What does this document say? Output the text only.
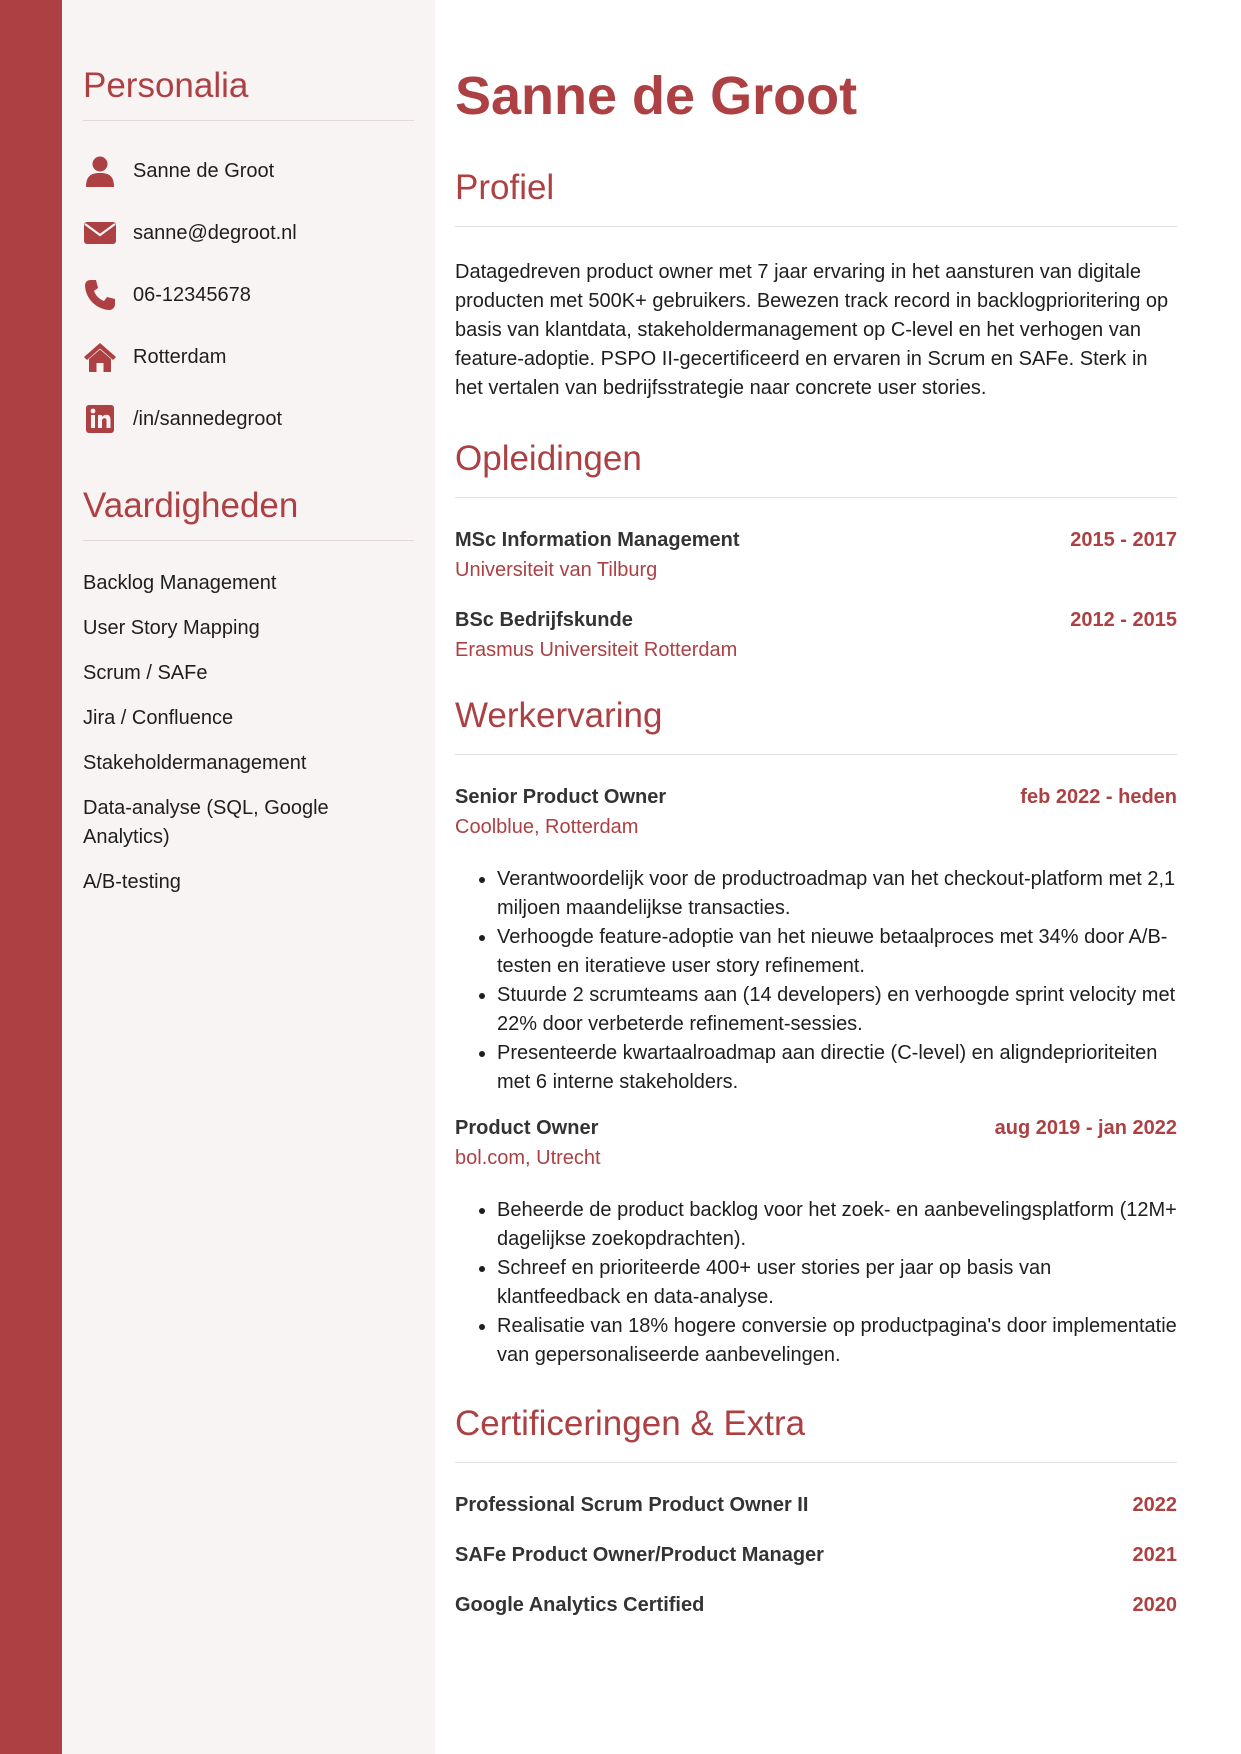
Personalia
Sanne de Groot
sanne@degroot.nl
06-12345678
Rotterdam
/in/sannedegroot
Vaardigheden
Backlog Management
User Story Mapping
Scrum / SAFe
Jira / Confluence
Stakeholdermanagement
Data-analyse (SQL, Google Analytics)
A/B-testing
Sanne de Groot
Profiel

Datagedreven product owner met 7 jaar ervaring in het aansturen van digitale producten met 500K+ gebruikers. Bewezen track record in backlogprioritering op basis van klantdata, stakeholdermanagement op C-level en het verhogen van feature-adoptie. PSPO II-gecertificeerd en ervaren in Scrum en SAFe. Sterk in het vertalen van bedrijfsstrategie naar concrete user stories.

Opleidingen
MSc Information Management	2015 - 2017
Universiteit van Tilburg
BSc Bedrijfskunde	2012 - 2015
Erasmus Universiteit Rotterdam
Werkervaring
Senior Product Owner	feb 2022 - heden
Coolblue, Rotterdam
• Verantwoordelijk voor de productroadmap van het checkout-platform met 2,1 miljoen maandelijkse transacties.
• Verhoogde feature-adoptie van het nieuwe betaalproces met 34% door A/B-testen en iteratieve user story refinement.
• Stuurde 2 scrumteams aan (14 developers) en verhoogde sprint velocity met 22% door verbeterde refinement-sessies.
• Presenteerde kwartaalroadmap aan directie (C-level) en aligndeprioriteiten met 6 interne stakeholders.
Product Owner	aug 2019 - jan 2022
bol.com, Utrecht
• Beheerde de product backlog voor het zoek- en aanbevelingsplatform (12M+ dagelijkse zoekopdrachten).
• Schreef en prioriteerde 400+ user stories per jaar op basis van klantfeedback en data-analyse.
• Realisatie van 18% hogere conversie op productpagina's door implementatie van gepersonaliseerde aanbevelingen.
Certificeringen & Extra
Professional Scrum Product Owner II	2022
SAFe Product Owner/Product Manager	2021
Google Analytics Certified	2020
